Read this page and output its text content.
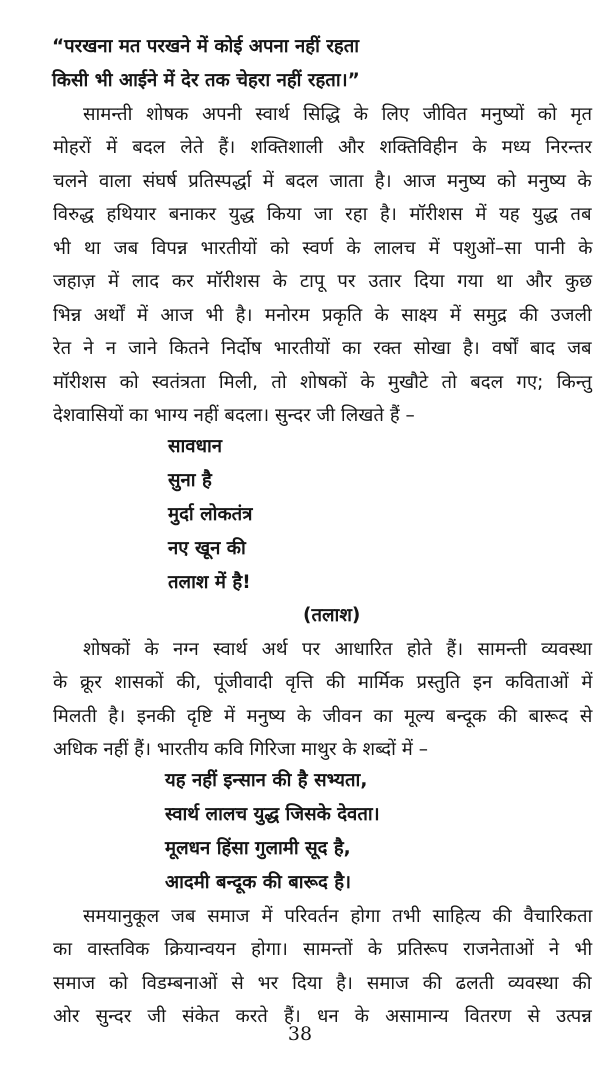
“परखना मत परखने में कोई अपना नहीं रहता

किसी भी आईने में देर तक चेहरा नहीं रहता।”

सामन्ती शोषक अपनी स्वार्थ सिद्धि के लिए जीवित मनुष्यों को मृत

मोहरों में बदल लेते हैं। शक्तिशाली और शक्तिविहीन के मध्य निरन्तर

चलने वाला संघर्ष प्रतिस्पर्द्धा में बदल जाता है। आज मनुष्य को मनुष्य के

विरुद्ध हथियार बनाकर युद्ध किया जा रहा है। मॉरीशस में यह युद्ध तब

भी था जब विपन्न भारतीयों को स्वर्ण के लालच में पशुओं–सा पानी के

जहाज़ में लाद कर मॉरीशस के टापू पर उतार दिया गया था और कुछ

भिन्न अर्थों में आज भी है। मनोरम प्रकृति के साक्ष्य में समुद्र की उजली

रेत ने न जाने कितने निर्दोष भारतीयों का रक्त सोखा है। वर्षों बाद जब

मॉरीशस को स्वतंत्रता मिली, तो शोषकों के मुखौटे तो बदल गए; किन्तु

देशवासियों का भाग्य नहीं बदला। सुन्दर जी लिखते हैं –

सावधान

सुना है

मुर्दा लोकतंत्र

नए खून की

तलाश में है!

(तलाश)

शोषकों के नग्न स्वार्थ अर्थ पर आधारित होते हैं। सामन्ती व्यवस्था

के क्रूर शासकों की, पूंजीवादी वृत्ति की मार्मिक प्रस्तुति इन कविताओं में

मिलती है। इनकी दृष्टि में मनुष्य के जीवन का मूल्य बन्दूक की बारूद से

अधिक नहीं हैं। भारतीय कवि गिरिजा माथुर के शब्दों में –

यह नहीं इन्सान की है सभ्यता,

स्वार्थ लालच युद्ध जिसके देवता।

मूलधन हिंसा गुलामी सूद है,

आदमी बन्दूक की बारूद है।

समयानुकूल जब समाज में परिवर्तन होगा तभी साहित्य की वैचारिकता

का वास्तविक क्रियान्वयन होगा। सामन्तों के प्रतिरूप राजनेताओं ने भी

समाज को विडम्बनाओं से भर दिया है। समाज की ढलती व्यवस्था की

ओर सुन्दर जी संकेत करते हैं। धन के असामान्य वितरण से उत्पन्न

38
